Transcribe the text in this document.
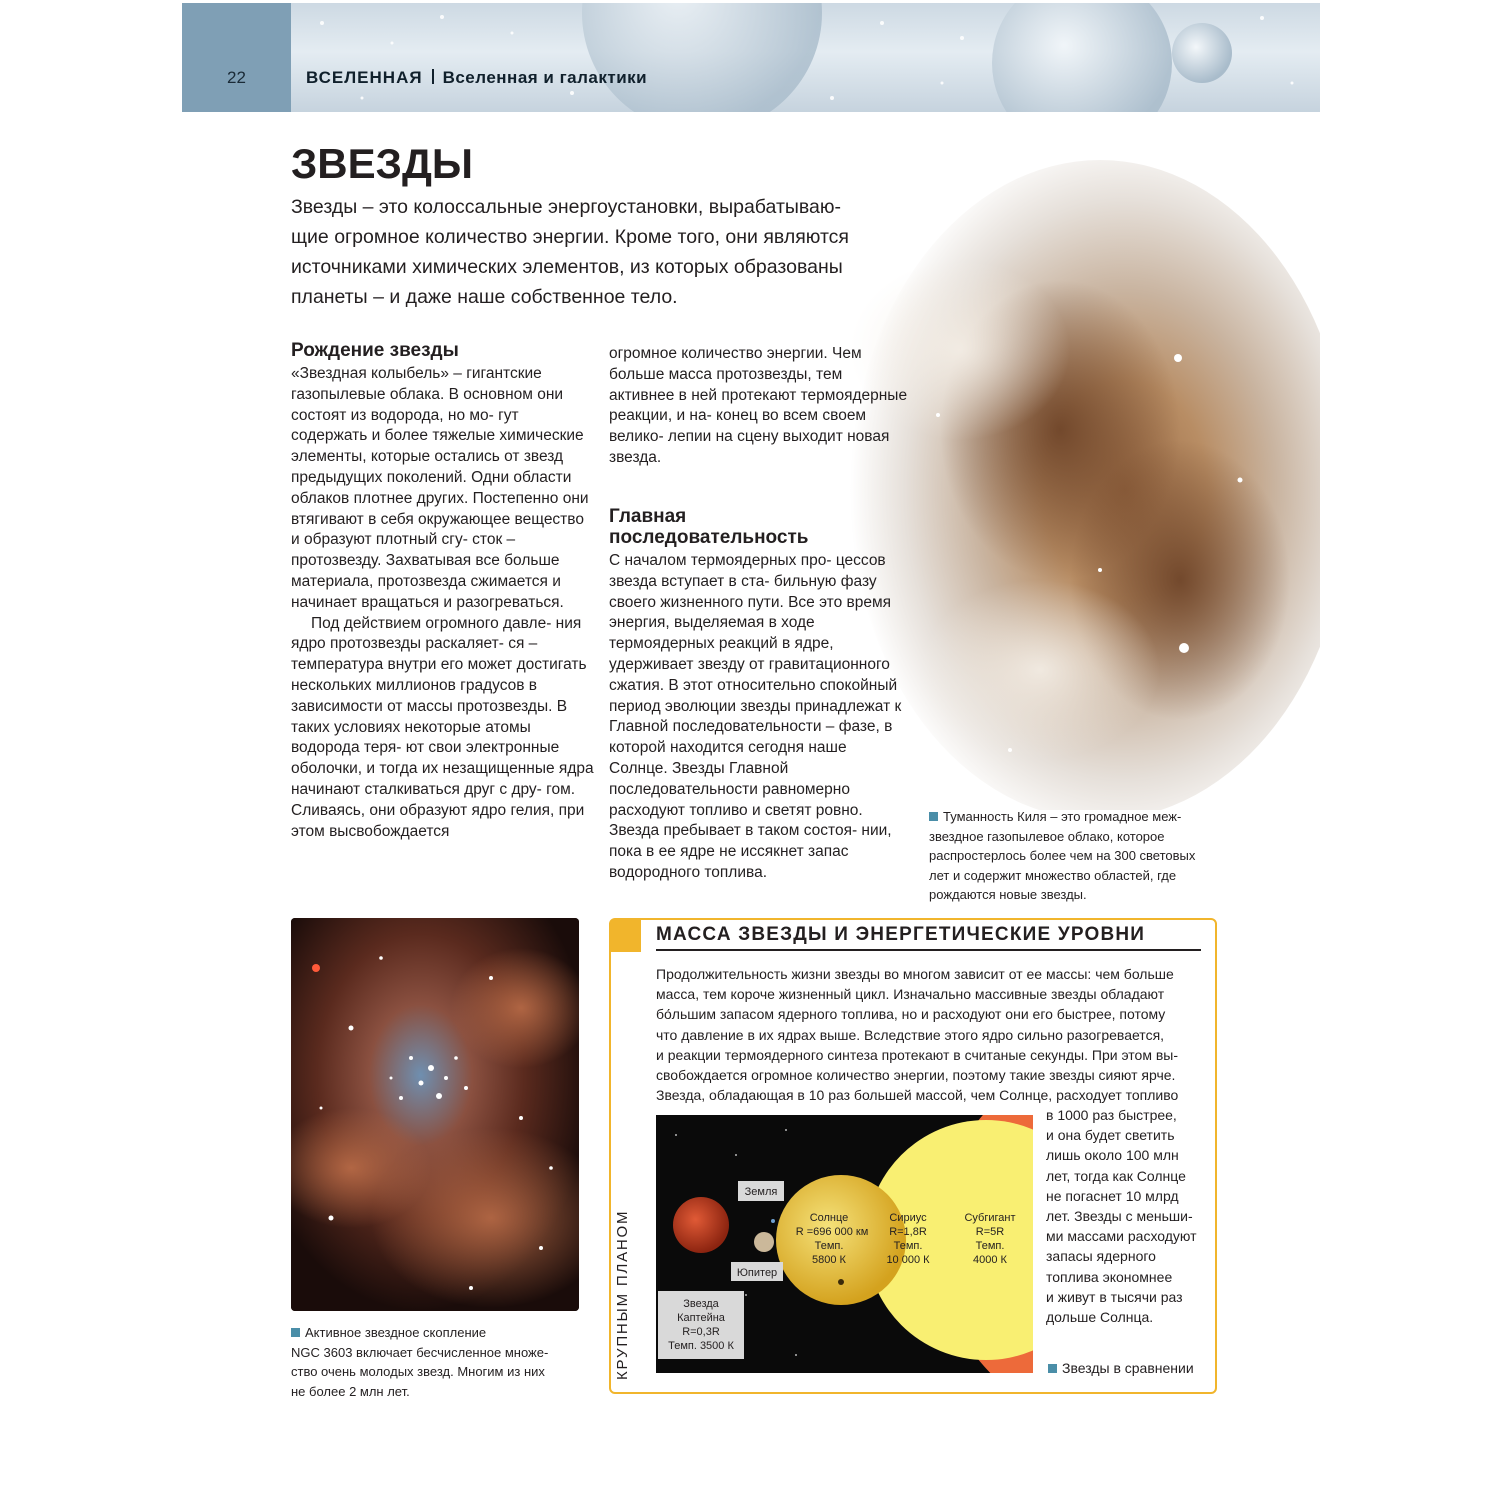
22	ВСЕЛЕННАЯ Вселенная и галактики
ЗВЕЗДЫ

Звезды – это колоссальные энергоустановки, вырабатываю-

щие огромное количество энергии. Кроме того, они являются

источниками химических элементов, из которых образованы

планеты – и даже наше собственное тело.

Рождение звезды

«Звездная колыбель» – гигантские газопылевые облака. В основном они состоят из водорода, но мо- гут содержать и более тяжелые химические элементы, которые остались от звезд предыдущих поколений. Одни области облаков плотнее других. Постепенно они втягивают в себя окружающее вещество и образуют плотный сгу- сток – протозвезду. Захватывая все больше материала, протозвезда сжимается и начинает вращаться и разогреваться.

Под действием огромного давле- ния ядро протозвезды раскаляет- ся – температура внутри его может достигать нескольких миллионов градусов в зависимости от массы протозвезды. В таких условиях некоторые атомы водорода теря- ют свои электронные оболочки, и тогда их незащищенные ядра начинают сталкиваться друг с дру- гом. Сливаясь, они образуют ядро гелия, при этом высвобождается

огромное количество энергии. Чем больше масса протозвезды, тем активнее в ней протекают термоядерные реакции, и на- конец во всем своем велико- лепии на сцену выходит новая звезда.

Главная
последовательность

С началом термоядерных про- цессов звезда вступает в ста- бильную фазу своего жизненного пути. Все это время энергия, выделяемая в ходе термоядерных реакций в ядре, удерживает звезду от гравитационного сжатия. В этот относительно спокойный период эволюции звезды принадлежат к Главной последовательности – фазе, в которой находится сегодня наше Солнце. Звезды Главной последовательности равномерно расходуют топливо и светят ровно. Звезда пребывает в таком состоя- нии, пока в ее ядре не иссякнет запас водородного топлива.

Туманность Киля – это громадное меж-
звездное газопылевое облако, которое
распростерлось более чем на 300 световых
лет и содержит множество областей, где
рождаются новые звезды.
Активное звездное скопление
NGC 3603 включает бесчисленное множе-
ство очень молодых звезд. Многим из них
не более 2 млн лет.
МАССА ЗВЕЗДЫ И ЭНЕРГЕТИЧЕСКИЕ УРОВНИ
КРУПНЫМ ПЛАНОМ
Продолжительность жизни звезды во многом зависит от ее массы: чем больше
масса, тем короче жизненный цикл. Изначально массивные звезды обладают
бо́льшим запасом ядерного топлива, но и расходуют они его быстрее, потому
что давление в их ядрах выше. Вследствие этого ядро сильно разогревается,
и реакции термоядерного синтеза протекают в считаные секунды. При этом вы-
свобождается огромное количество энергии, поэтому такие звезды сияют ярче.
Звезда, обладающая в 10 раз большей массой, чем Солнце, расходует топливо
в 1000 раз быстрее,
и она будет светить
лишь около 100 млн
лет, тогда как Солнце
не погаснет 10 млрд
лет. Звезды с меньши-
ми массами расходуют
запасы ядерного
топлива экономнее
и живут в тысячи раз
дольше Солнца.
Земля
Юпитер
Звезда
Каптейна
R=0,3R
Темп. 3500 К
Солнце
R =696 000 км
Темп.
5800 К
Сириус
R=1,8R
Темп.
10 000 К
Субгигант
R=5R
Темп.
4000 К
Звезды в сравнении
